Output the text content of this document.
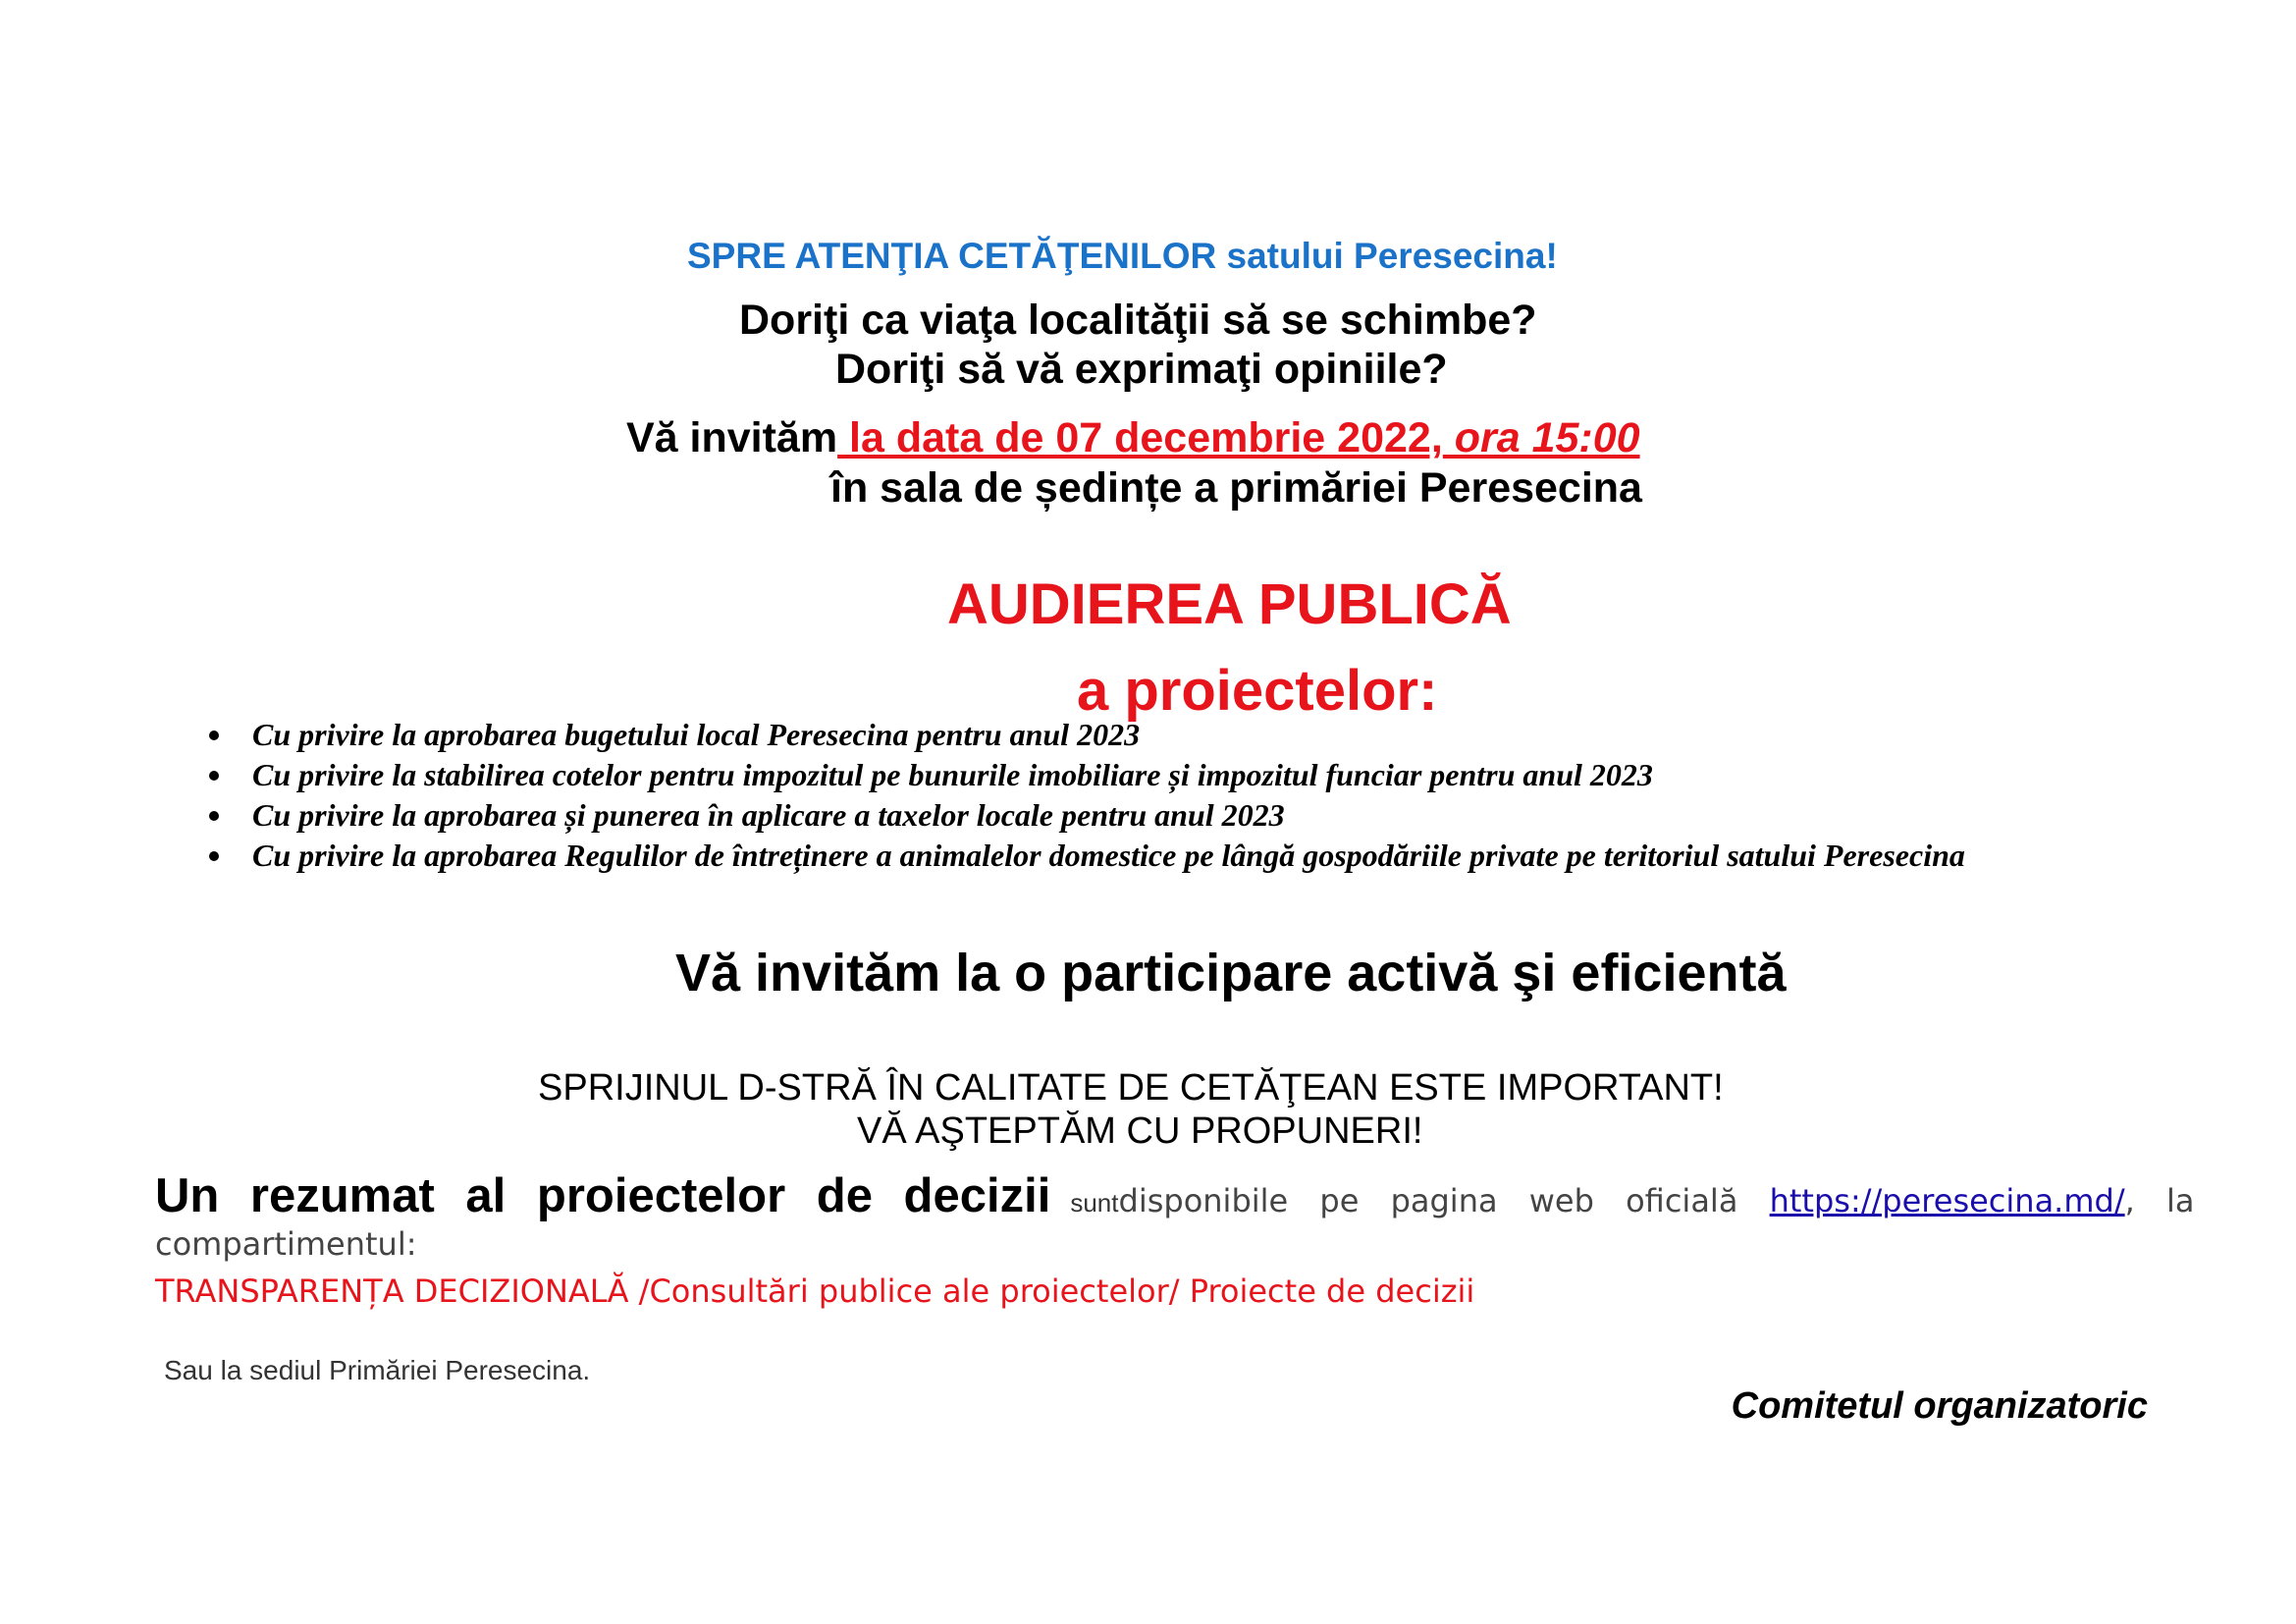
SPRE ATENŢIA CETĂŢENILOR satului Peresecina!
Doriţi ca viaţa localităţii să se schimbe?
Doriţi să vă exprimaţi opiniile?
Vă invităm la data de 07 decembrie 2022, ora 15:00
în sala de ședințe a primăriei Peresecina
AUDIEREA PUBLICĂ
a proiectelor:
Cu privire la aprobarea bugetului local Peresecina pentru anul 2023
Cu privire la stabilirea cotelor pentru impozitul pe bunurile imobiliare și impozitul funciar pentru anul 2023
Cu privire la aprobarea și punerea în aplicare a taxelor locale pentru anul 2023
Cu privire la aprobarea Regulilor de întreținere a animalelor domestice pe lângă gospodăriile private pe teritoriul satului Peresecina
Vă invităm la o participare activă şi eficientă
SPRIJINUL D-STRĂ ÎN CALITATE DE CETĂŢEAN ESTE IMPORTANT!
VĂ AŞTEPTĂM CU PROPUNERI!
Un rezumat al proiectelor de decizii sunt disponibile pe pagina web oficială https://peresecina.md/, la
compartimentul:
TRANSPARENȚA DECIZIONALĂ /Consultări publice ale proiectelor/ Proiecte de decizii
Sau la sediul Primăriei Peresecina.
Comitetul organizatoric
